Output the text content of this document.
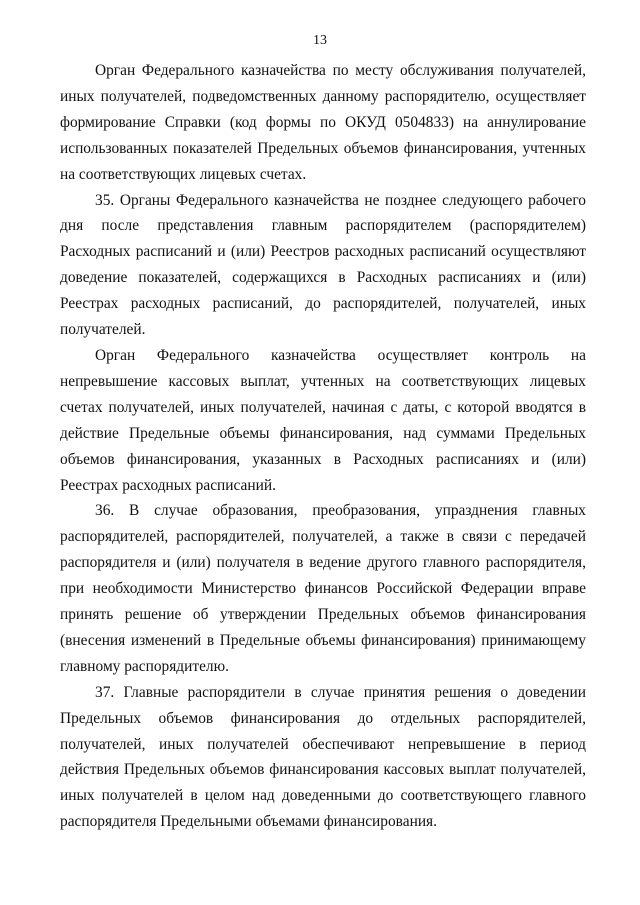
13

Орган Федерального казначейства по месту обслуживания получателей, иных получателей, подведомственных данному распорядителю, осуществляет формирование Справки (код формы по ОКУД 0504833) на аннулирование использованных показателей Предельных объемов финансирования, учтенных на соответствующих лицевых счетах.

35. Органы Федерального казначейства не позднее следующего рабочего дня после представления главным распорядителем (распорядителем) Расходных расписаний и (или) Реестров расходных расписаний осуществляют доведение показателей, содержащихся в Расходных расписаниях и (или) Реестрах расходных расписаний, до распорядителей, получателей, иных получателей.

Орган Федерального казначейства осуществляет контроль на непревышение кассовых выплат, учтенных на соответствующих лицевых счетах получателей, иных получателей, начиная с даты, с которой вводятся в действие Предельные объемы финансирования, над суммами Предельных объемов финансирования, указанных в Расходных расписаниях и (или) Реестрах расходных расписаний.

36. В случае образования, преобразования, упразднения главных распорядителей, распорядителей, получателей, а также в связи с передачей распорядителя и (или) получателя в ведение другого главного распорядителя, при необходимости Министерство финансов Российской Федерации вправе принять решение об утверждении Предельных объемов финансирования (внесения изменений в Предельные объемы финансирования) принимающему главному распорядителю.

37. Главные распорядители в случае принятия решения о доведении Предельных объемов финансирования до отдельных распорядителей, получателей, иных получателей обеспечивают непревышение в период действия Предельных объемов финансирования кассовых выплат получателей, иных получателей в целом над доведенными до соответствующего главного распорядителя Предельными объемами финансирования.
